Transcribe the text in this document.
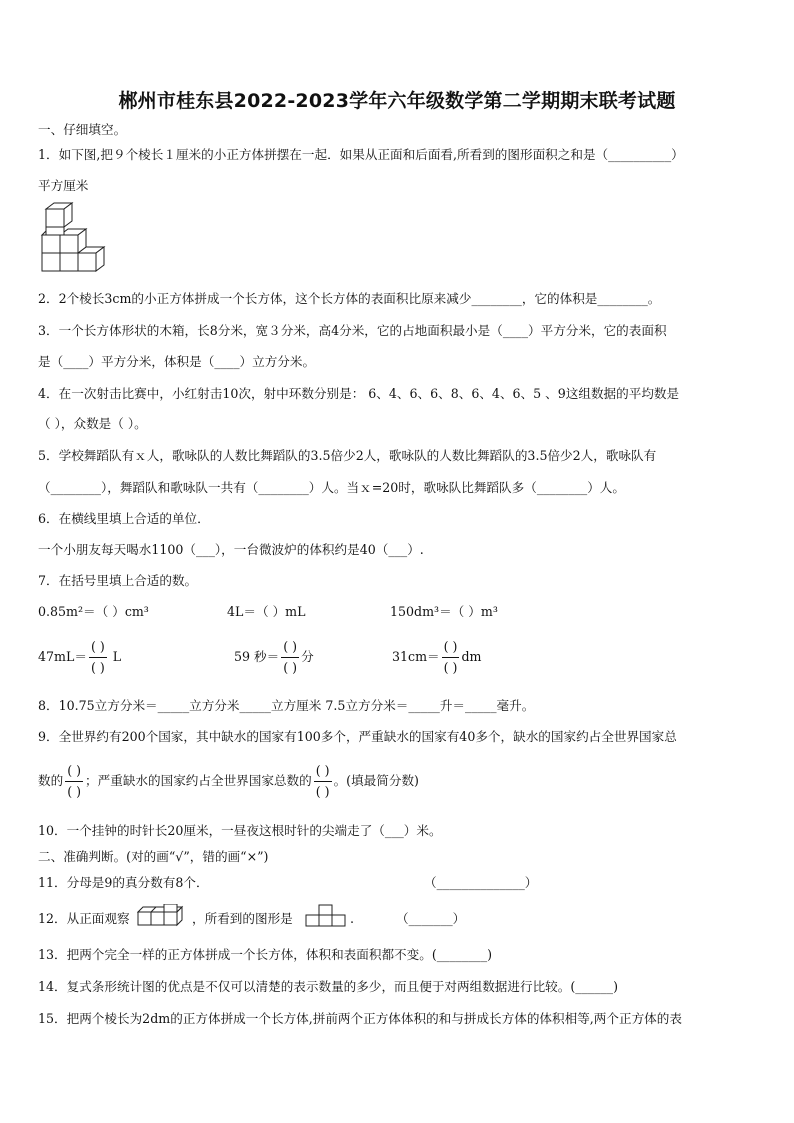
郴州市桂东县2022-2023学年六年级数学第二学期期末联考试题
一、仔细填空。
1．如下图,把９个棱长１厘米的小正方体拼摆在一起．如果从正面和后面看,所看到的图形面积之和是（__________）
平方厘米
2．2个棱长3cm的小正方体拼成一个长方体，这个长方体的表面积比原来减少________，它的体积是________。
3．一个长方体形状的木箱，长8分米，宽３分米，高4分米，它的占地面积最小是（____）平方分米，它的表面积
是（____）平方分米，体积是（____）立方分米。
4．在一次射击比赛中，小红射击10次，射中环数分别是： 6、4、6、6、8、6、4、6、5 、9这组数据的平均数是
（ ），众数是（ ）。
5．学校舞蹈队有ｘ人，歌咏队的人数比舞蹈队的3.5倍少2人，歌咏队的人数比舞蹈队的3.5倍少2人，歌咏队有
（________），舞蹈队和歌咏队一共有（________）人。当ｘ=20时，歌咏队比舞蹈队多（________）人。
6．在横线里填上合适的单位．
一个小朋友每天喝水1100（___），一台微波炉的体积约是40（___）.
7．在括号里填上合适的数。
0.85m²＝（ ）cm³	4L＝（ ）mL	150dm³＝（ ）m³
$47mL= \frac{( )}{( )}$ L	59 秒＝ $\frac{( )}{( )}$ 分	$31cm= \frac{( )}{( )}$ dm
8．10.75立方分米＝_____立方分米_____立方厘米 7.5立方分米＝_____升＝_____毫升。
9．全世界约有200个国家，其中缺水的国家有100多个，严重缺水的国家有40多个，缺水的国家约占全世界国家总
数的 $\frac{( )}{( )}$ ；严重缺水的国家约占全世界国家总数的 $\frac{( )}{( )}$ 。(填最简分数)
10．一个挂钟的时针长20厘米，一昼夜这根时针的尖端走了（___）米。
二、准确判断。(对的画“√”，错的画“×”)
11．分母是9的真分数有8个．	（______________）
12．从正面观察	，所看到的图形是	.	（_______）
13．把两个完全一样的正方体拼成一个长方体，体积和表面积都不变。(________)
14．复式条形统计图的优点是不仅可以清楚的表示数量的多少，而且便于对两组数据进行比较。(______)
15．把两个棱长为2dm的正方体拼成一个长方体,拼前两个正方体体积的和与拼成长方体的体积相等,两个正方体的表
